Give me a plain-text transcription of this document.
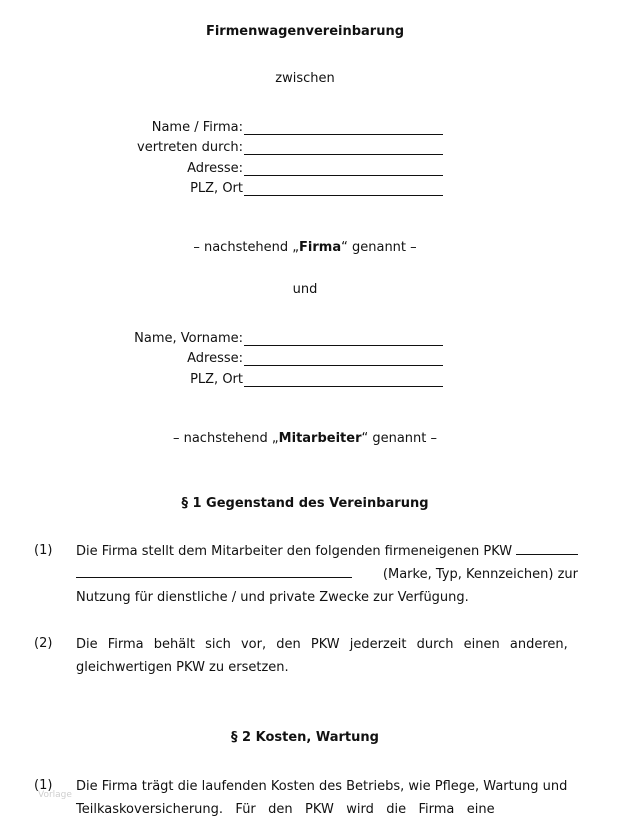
Firmenwagenvereinbarung
zwischen
Name / Firma:
vertreten durch:
Adresse:
PLZ, Ort
– nachstehend „Firma“ genannt –
und
Name, Vorname:
Adresse:
PLZ, Ort
– nachstehend „Mitarbeiter“ genannt –
§ 1 Gegenstand des Vereinbarung
(1) Die Firma stellt dem Mitarbeiter den folgenden firmeneigenen PKW
(Marke, Typ, Kennzeichen) zur
Nutzung für dienstliche / und private Zwecke zur Verfügung.
(2) Die Firma behält sich vor, den PKW jederzeit durch einen anderen,
gleichwertigen PKW zu ersetzen.
§ 2 Kosten, Wartung
(1) Die Firma trägt die laufenden Kosten des Betriebs, wie Pflege, Wartung und
Teilkaskoversicherung.   Für   den   PKW   wird   die   Firma   eine
Vorlage
